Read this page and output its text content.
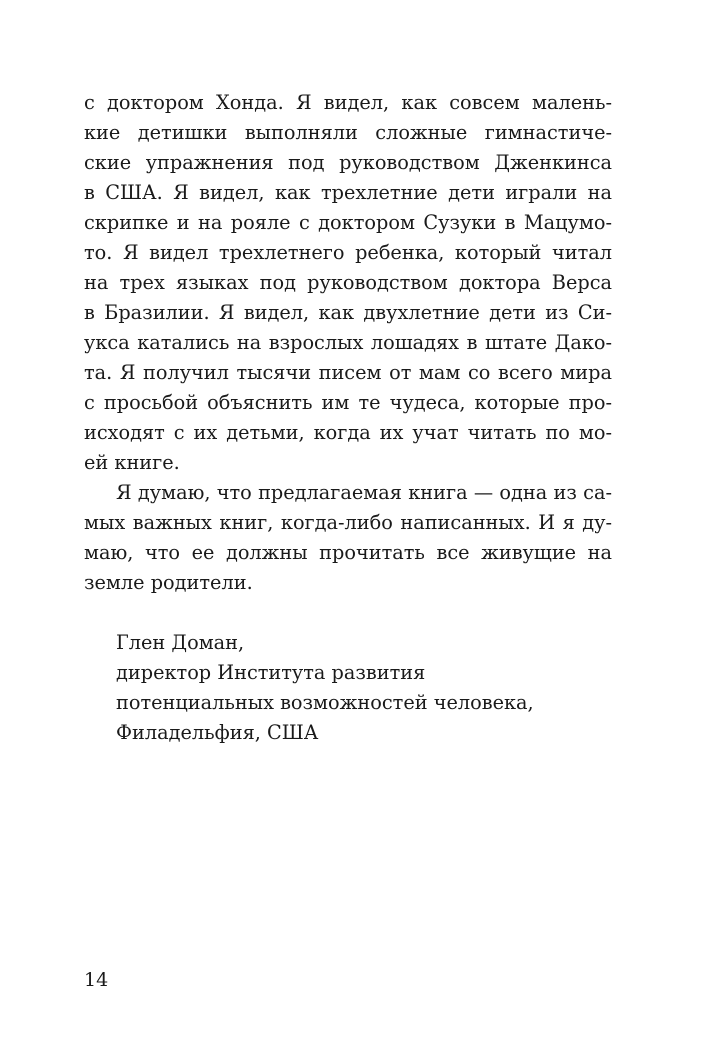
с доктором Хонда. Я видел, как совсем малень-
кие детишки выполняли сложные гимнастиче-
ские упражнения под руководством Дженкинса
в США. Я видел, как трехлетние дети играли на
скрипке и на рояле с доктором Сузуки в Мацумо-
то. Я видел трехлетнего ребенка, который читал
на трех языках под руководством доктора Верса
в Бразилии. Я видел, как двухлетние дети из Си-
укса катались на взрослых лошадях в штате Дако-
та. Я получил тысячи писем от мам со всего мира
с просьбой объяснить им те чудеса, которые про-
исходят с их детьми, когда их учат читать по мо-
ей книге.

Я думаю, что предлагаемая книга — одна из са-
мых важных книг, когда-либо написанных. И я ду-
маю, что ее должны прочитать все живущие на
земле родители.

Глен Доман,
директор Института развития
потенциальных возможностей человека,
Филадельфия, США
14
